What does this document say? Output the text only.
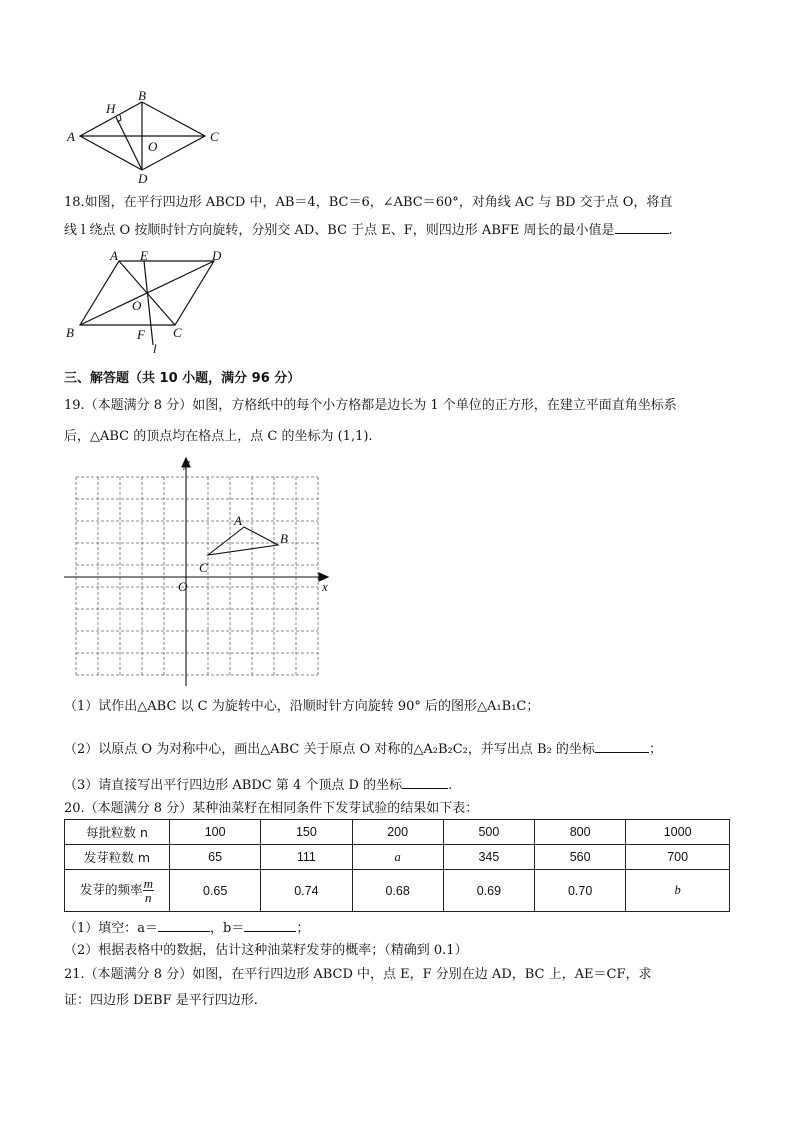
H
B
A	C
O
D
18.如图，在平行四边形 ABCD 中，AB＝4，BC＝6，∠ABC＝60°，对角线 AC 与 BD 交于点 O，将直
线 l 绕点 O 按顺时针方向旋转，分别交 AD、BC 于点 E、F，则四边形 ABFE 周长的最小值是	.
A E	D
O
B	F C
l
三、解答题（共 10 小题，满分 96 分）
19.（本题满分 8 分）如图，方格纸中的每个小方格都是边长为 1 个单位的正方形，在建立平面直角坐标系
后，△ABC 的顶点均在格点上，点 C 的坐标为 (1,1).
y
x
O
A
B
C
（1）试作出△ABC 以 C 为旋转中心，沿顺时针方向旋转 90° 后的图形△A₁B₁C；
（2）以原点 O 为对称中心，画出△ABC 关于原点 O 对称的△A₂B₂C₂，并写出点 B₂ 的坐标	；
（3）请直接写出平行四边形 ABDC 第 4 个顶点 D 的坐标	.
20.（本题满分 8 分）某种油菜籽在相同条件下发芽试验的结果如下表：
每批粒数 n	100	150	200	500	800	1000
发芽粒数 m	65	111	a	345	560	700
发芽的频率 $\frac{m}{n}$	0.65	0.74	0.68	0.69	0.70	b
（1）填空：a＝	，b＝	；
（2）根据表格中的数据，估计这种油菜籽发芽的概率；（精确到 0.1）
21.（本题满分 8 分）如图，在平行四边形 ABCD 中，点 E，F 分别在边 AD，BC 上，AE＝CF，求
证：四边形 DEBF 是平行四边形.
